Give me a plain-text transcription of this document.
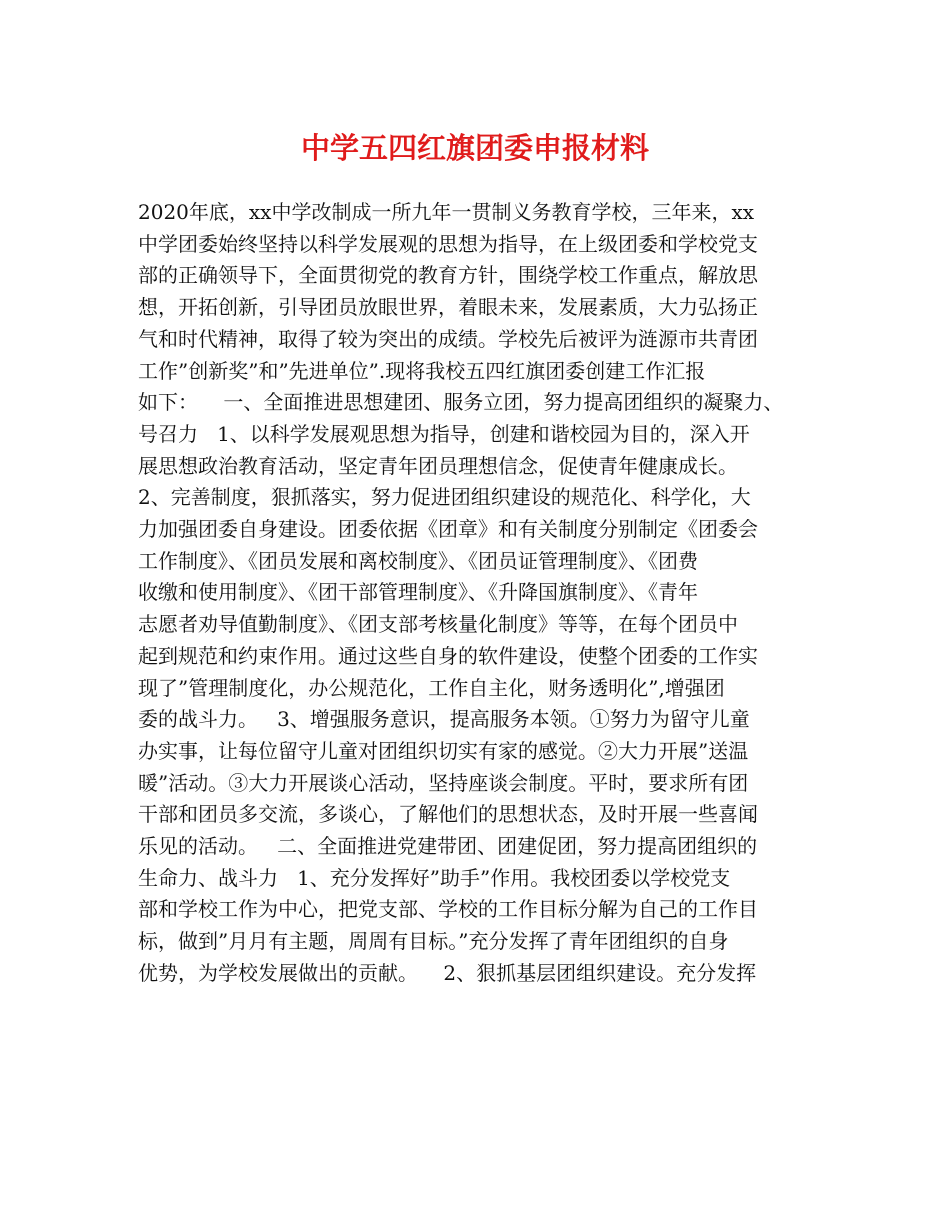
中学五四红旗团委申报材料
2020年底，xx中学改制成一所九年一贯制义务教育学校，三年来，xx
中学团委始终坚持以科学发展观的思想为指导，在上级团委和学校党支
部的正确领导下，全面贯彻党的教育方针，围绕学校工作重点，解放思
想，开拓创新，引导团员放眼世界，着眼未来，发展素质，大力弘扬正
气和时代精神，取得了较为突出的成绩。学校先后被评为涟源市共青团
工作”创新奖”和”先进单位”.现将我校五四红旗团委创建工作汇报
如下：    一、全面推进思想建团、服务立团，努力提高团组织的凝聚力、
号召力   1、以科学发展观思想为指导，创建和谐校园为目的，深入开
展思想政治教育活动，坚定青年团员理想信念，促使青年健康成长。
2、完善制度，狠抓落实，努力促进团组织建设的规范化、科学化，大
力加强团委自身建设。团委依据《团章》和有关制度分别制定《团委会
工作制度》、《团员发展和离校制度》、《团员证管理制度》、《团费
收缴和使用制度》、《团干部管理制度》、《升降国旗制度》、《青年
志愿者劝导值勤制度》、《团支部考核量化制度》等等，在每个团员中
起到规范和约束作用。通过这些自身的软件建设，使整个团委的工作实
现了”管理制度化，办公规范化，工作自主化，财务透明化”,增强团
委的战斗力。   3、增强服务意识，提高服务本领。①努力为留守儿童
办实事，让每位留守儿童对团组织切实有家的感觉。②大力开展”送温
暖”活动。③大力开展谈心活动，坚持座谈会制度。平时，要求所有团
干部和团员多交流，多谈心，了解他们的思想状态，及时开展一些喜闻
乐见的活动。   二、全面推进党建带团、团建促团，努力提高团组织的
生命力、战斗力   1、充分发挥好”助手”作用。我校团委以学校党支
部和学校工作为中心，把党支部、学校的工作目标分解为自己的工作目
标，做到”月月有主题，周周有目标。”充分发挥了青年团组织的自身
优势，为学校发展做出的贡献。    2、狠抓基层团组织建设。充分发挥
